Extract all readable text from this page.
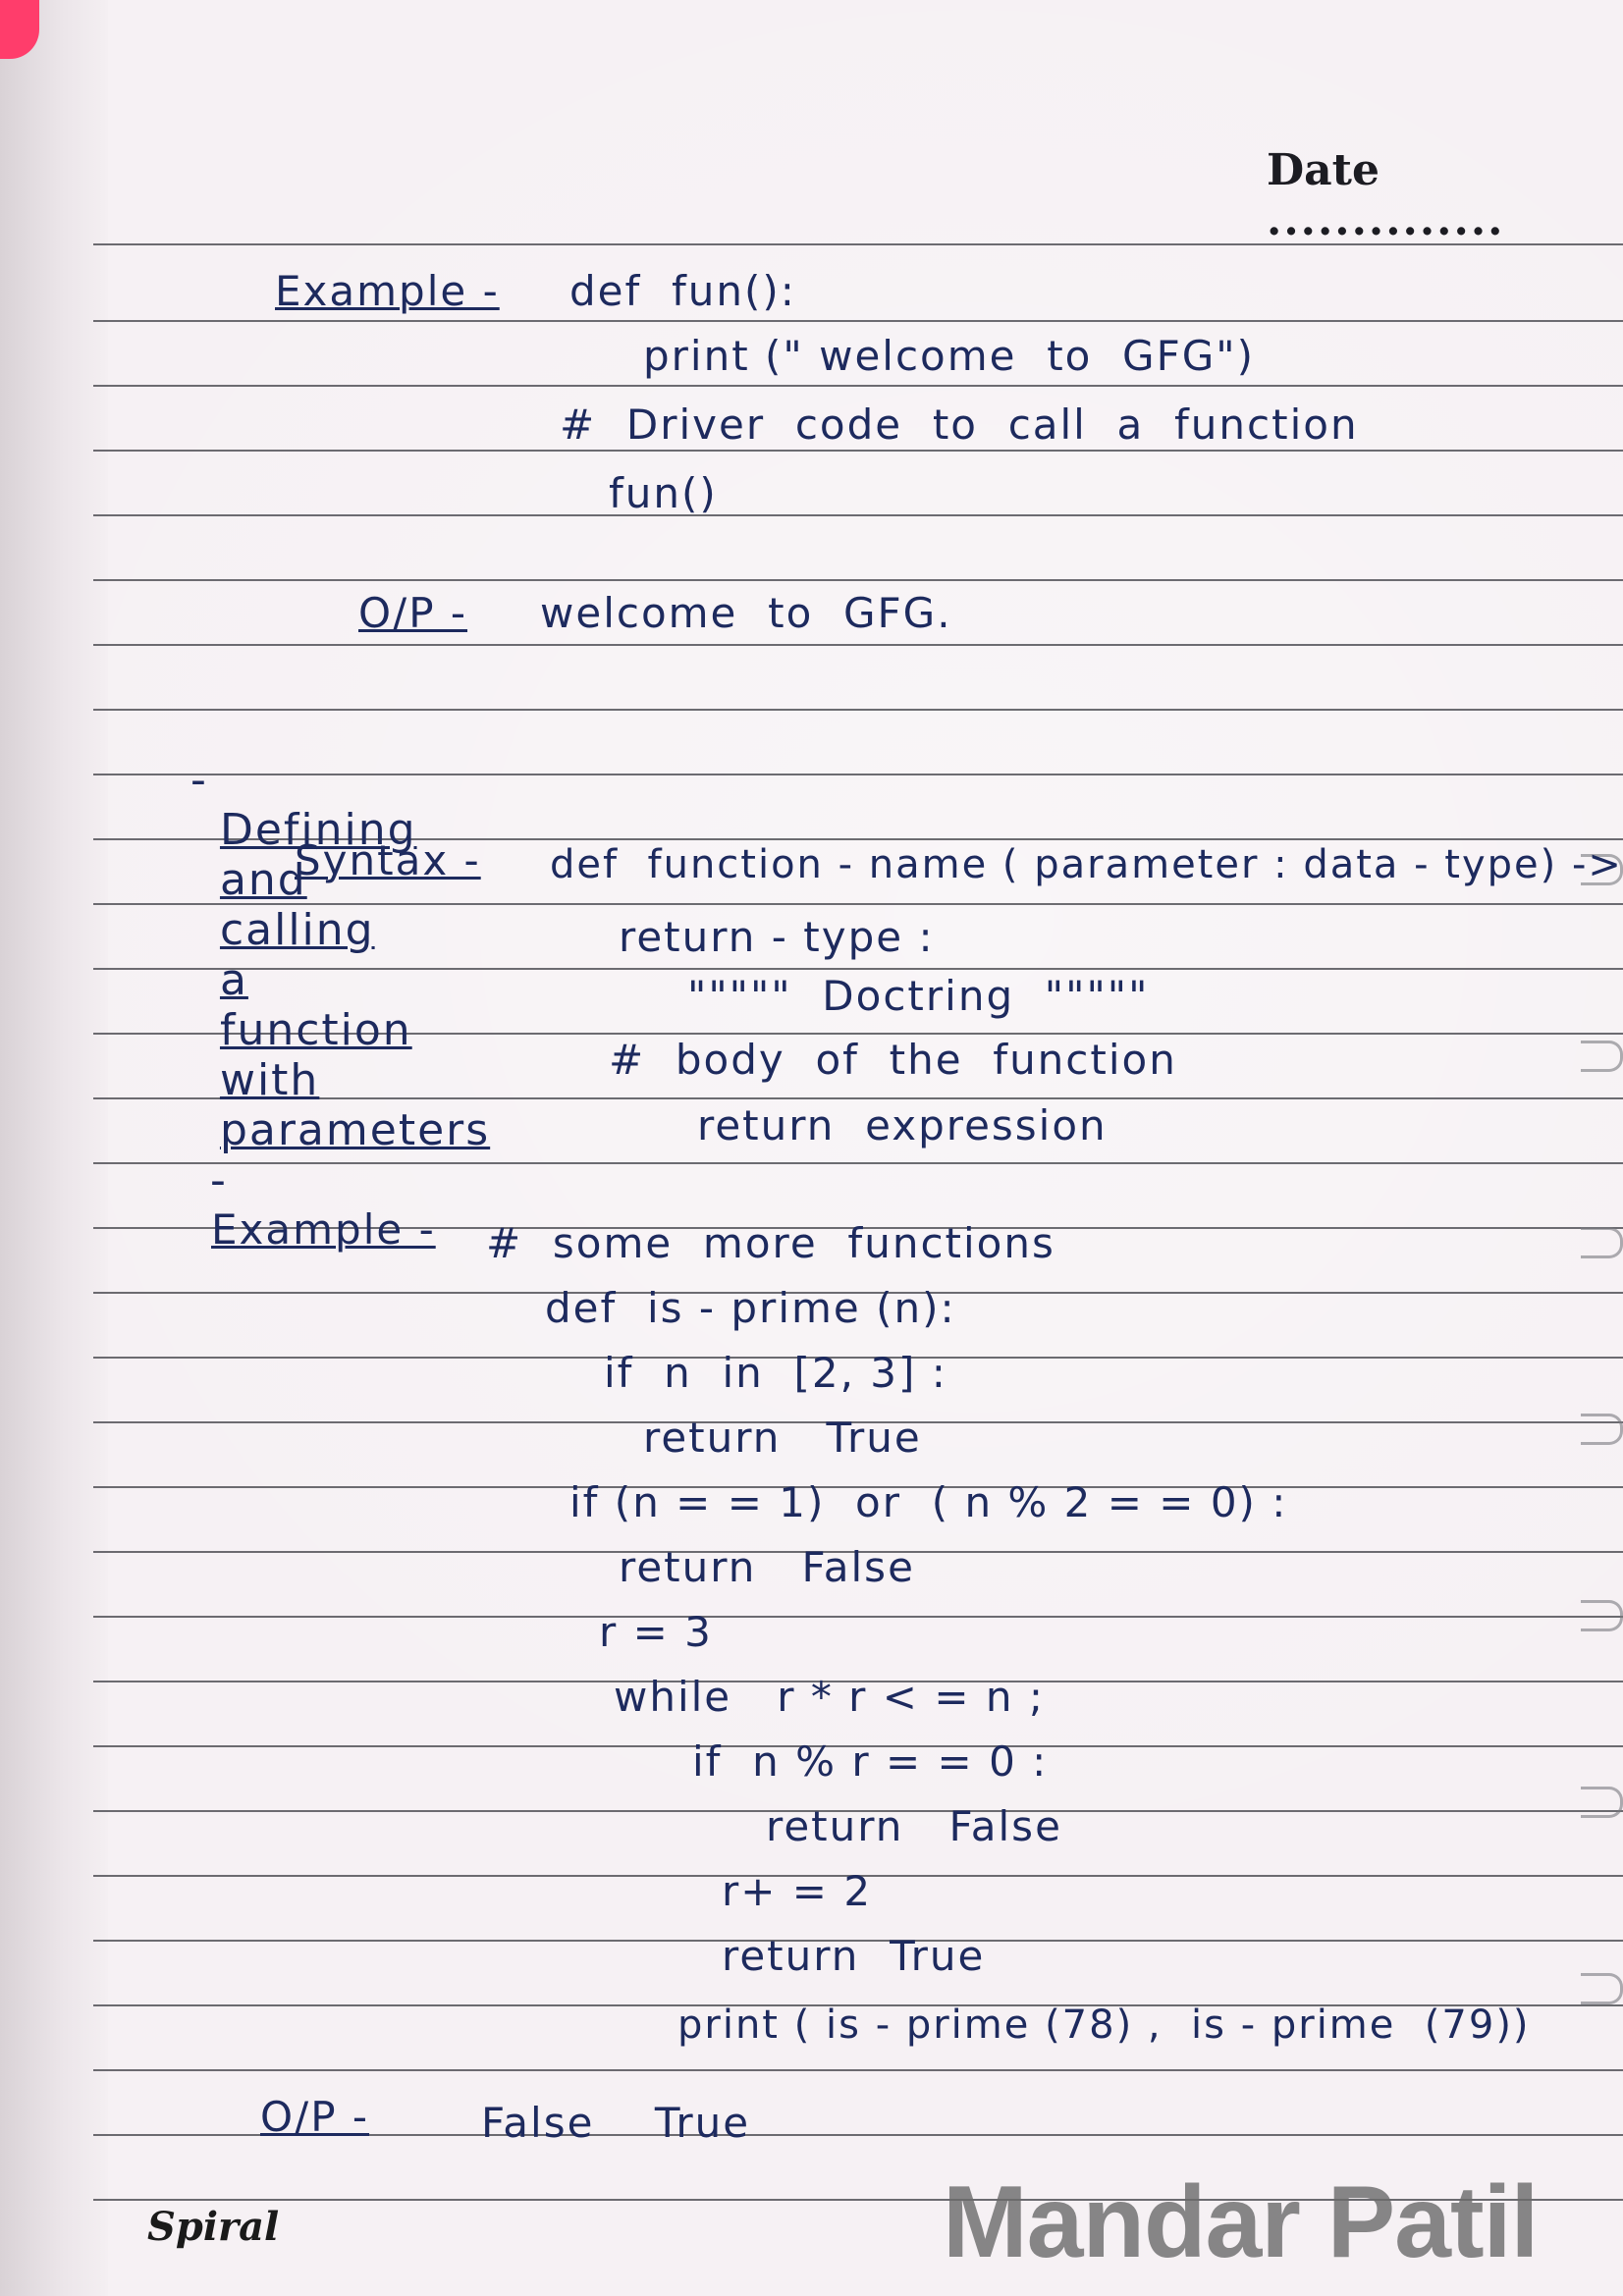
Date ..............
Example - def  fun():
print (" welcome  to  GFG")
#  Driver  code  to  call  a  function
fun()
O/P - welcome  to  GFG.

-
Defining
and
calling
a
function
with
parameters
-

Syntax - def  function - name ( parameter : data - type) ->
return - type :
"""""  Doctring  """""
#  body  of  the  function
return  expression
Example - #  some  more  functions
def  is - prime (n):
if  n  in  [2, 3] :
return   True
if (n = = 1)  or  ( n % 2 = = 0) :
return   False
r = 3
while   r * r < = n ;
if  n % r = = 0 :
return   False
r+ = 2
return  True
print ( is - prime (78) ,  is - prime  (79))
O/P -	False    True
Spiral	Mandar Patil
